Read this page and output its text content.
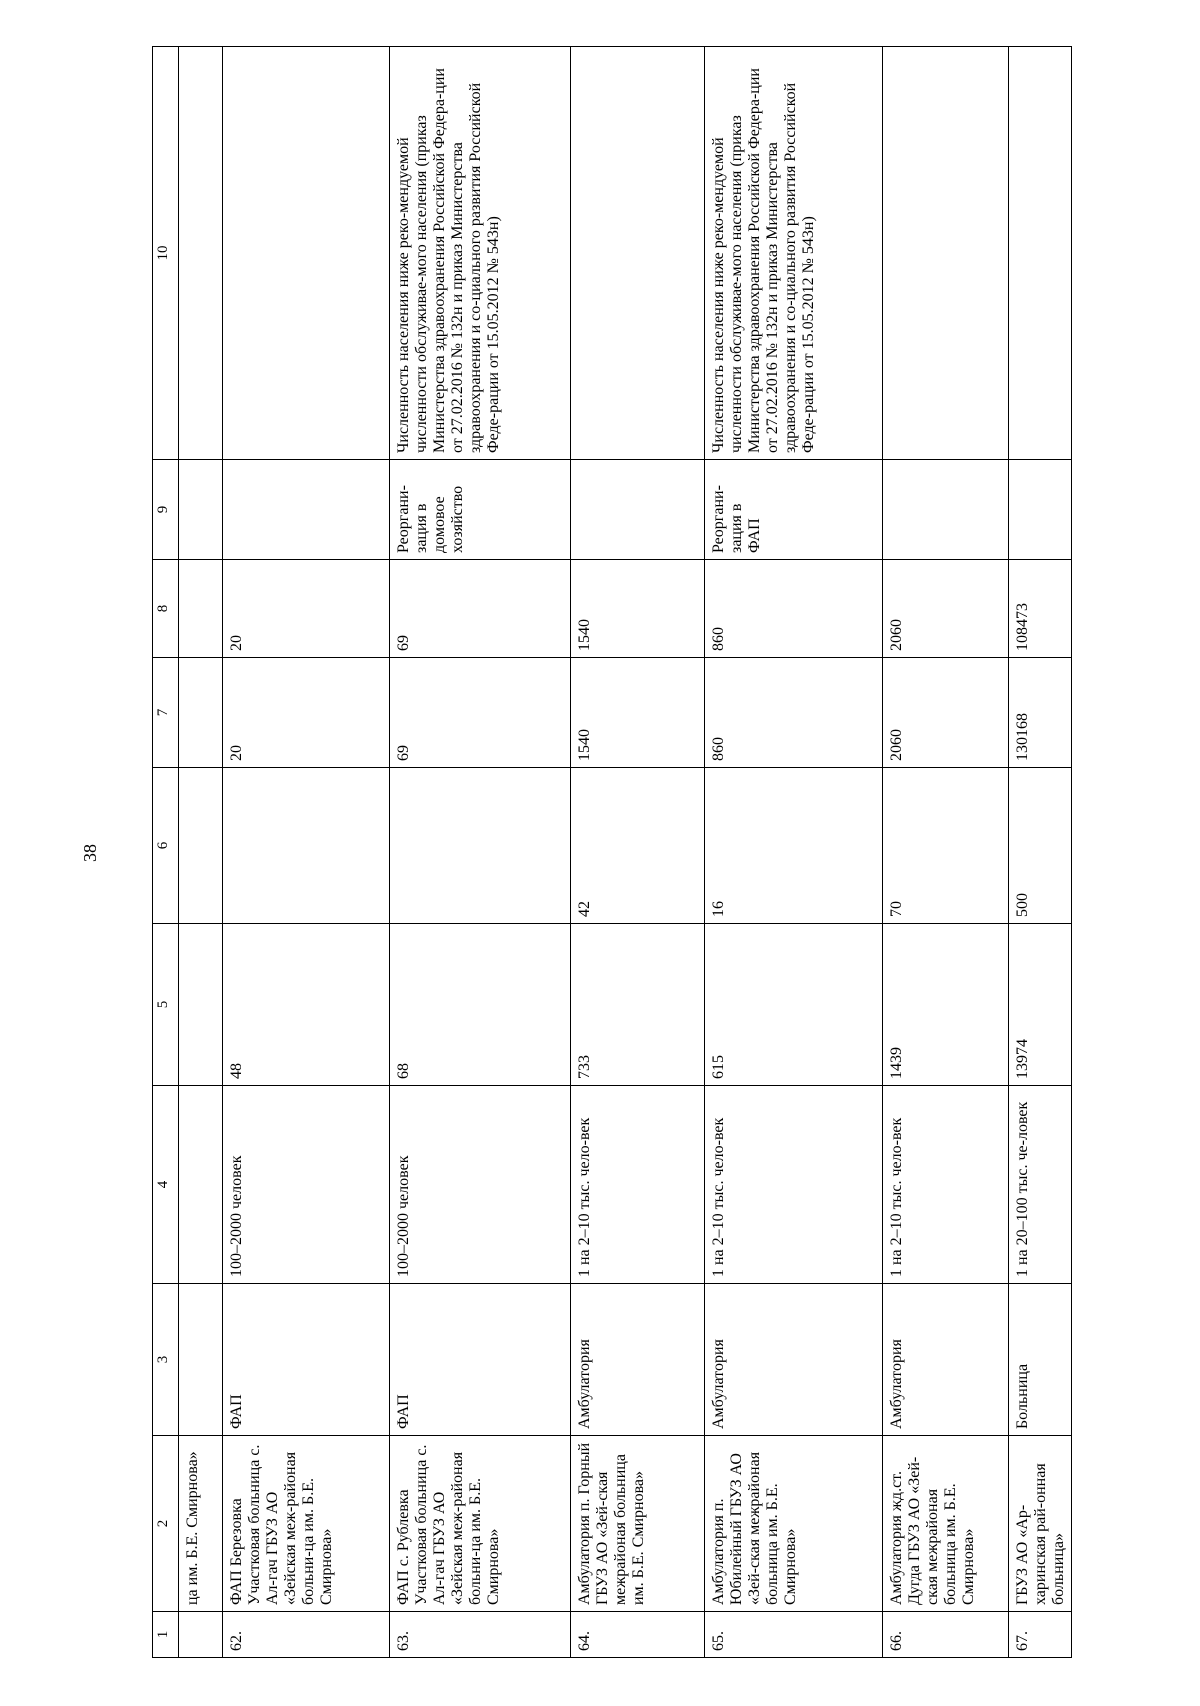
38
1	2	3	4	5	6	7	8	9	10
	ца им. Б.Е. Смирнова»								
62.	ФАП Березовка Участковая больница с. Ал-гач ГБУЗ АО «Зейская меж-районая больни-ца им. Б.Е. Смирнова»	ФАП	100–2000 человек	48		20	20		
63.	ФАП с. Рублевка Участковая больница с. Ал-гач ГБУЗ АО «Зейская меж-районая больни-ца им. Б.Е. Смирнова»	ФАП	100–2000 человек	68		69	69	Реоргани-зация в домовое хозяйство	Численность населения ниже реко-мендуемой численности обслуживае-мого населения (приказ Министерства здравоохранения Российской Федера-ции от 27.02.2016 № 132н и приказ Министерства здравоохранения и со-циального развития Российской Феде-рации от 15.05.2012 № 543н)
64.	Амбулатория п. Горный ГБУЗ АО «Зей-ская межрайоная больница им. Б.Е. Смирнова»	Амбулатория	1 на 2–10 тыс. чело-век	733	42	1540	1540		
65.	Амбулатория п. Юбилейный ГБУЗ АО «Зей-ская межрайоная больница им. Б.Е. Смирнова»	Амбулатория	1 на 2–10 тыс. чело-век	615	16	860	860	Реоргани-зация в ФАП	Численность населения ниже реко-мендуемой численности обслуживае-мого населения (приказ Министерства здравоохранения Российской Федера-ции от 27.02.2016 № 132н и приказ Министерства здравоохранения и со-циального развития Российской Феде-рации от 15.05.2012 № 543н)
66.	Амбулатория жд.ст. Дугда ГБУЗ АО «Зей-ская межрайоная больница им. Б.Е. Смирнова»	Амбулатория	1 на 2–10 тыс. чело-век	1439	70	2060	2060		
67.	ГБУЗ АО «Ар-харинская рай-онная больница»	Больница	1 на 20–100 тыс. че-ловек	13974	500	130168	108473		
